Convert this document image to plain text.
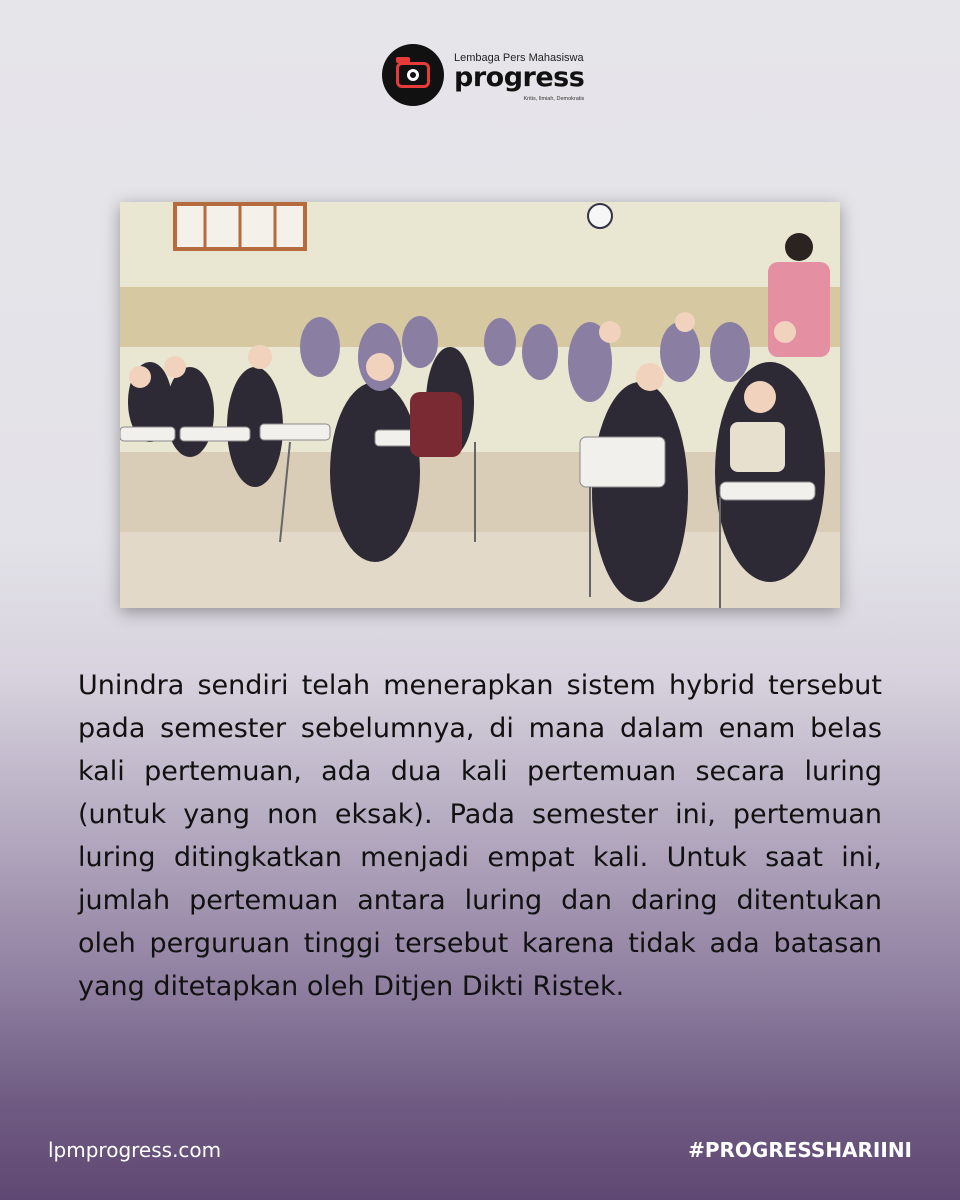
Lembaga Pers Mahasiswa
progress
Kritis, Ilmiah, Demokratis
Unindra sendiri telah menerapkan sistem hybrid tersebut pada semester sebelumnya, di mana dalam enam belas kali pertemuan, ada dua kali pertemuan secara luring (untuk yang non eksak). Pada semester ini, pertemuan luring ditingkatkan menjadi empat kali. Untuk saat ini, jumlah pertemuan antara luring dan daring ditentukan oleh perguruan tinggi tersebut karena tidak ada batasan yang ditetapkan oleh Ditjen Dikti Ristek.
lpmprogress.com	#PROGRESSHARIINI
